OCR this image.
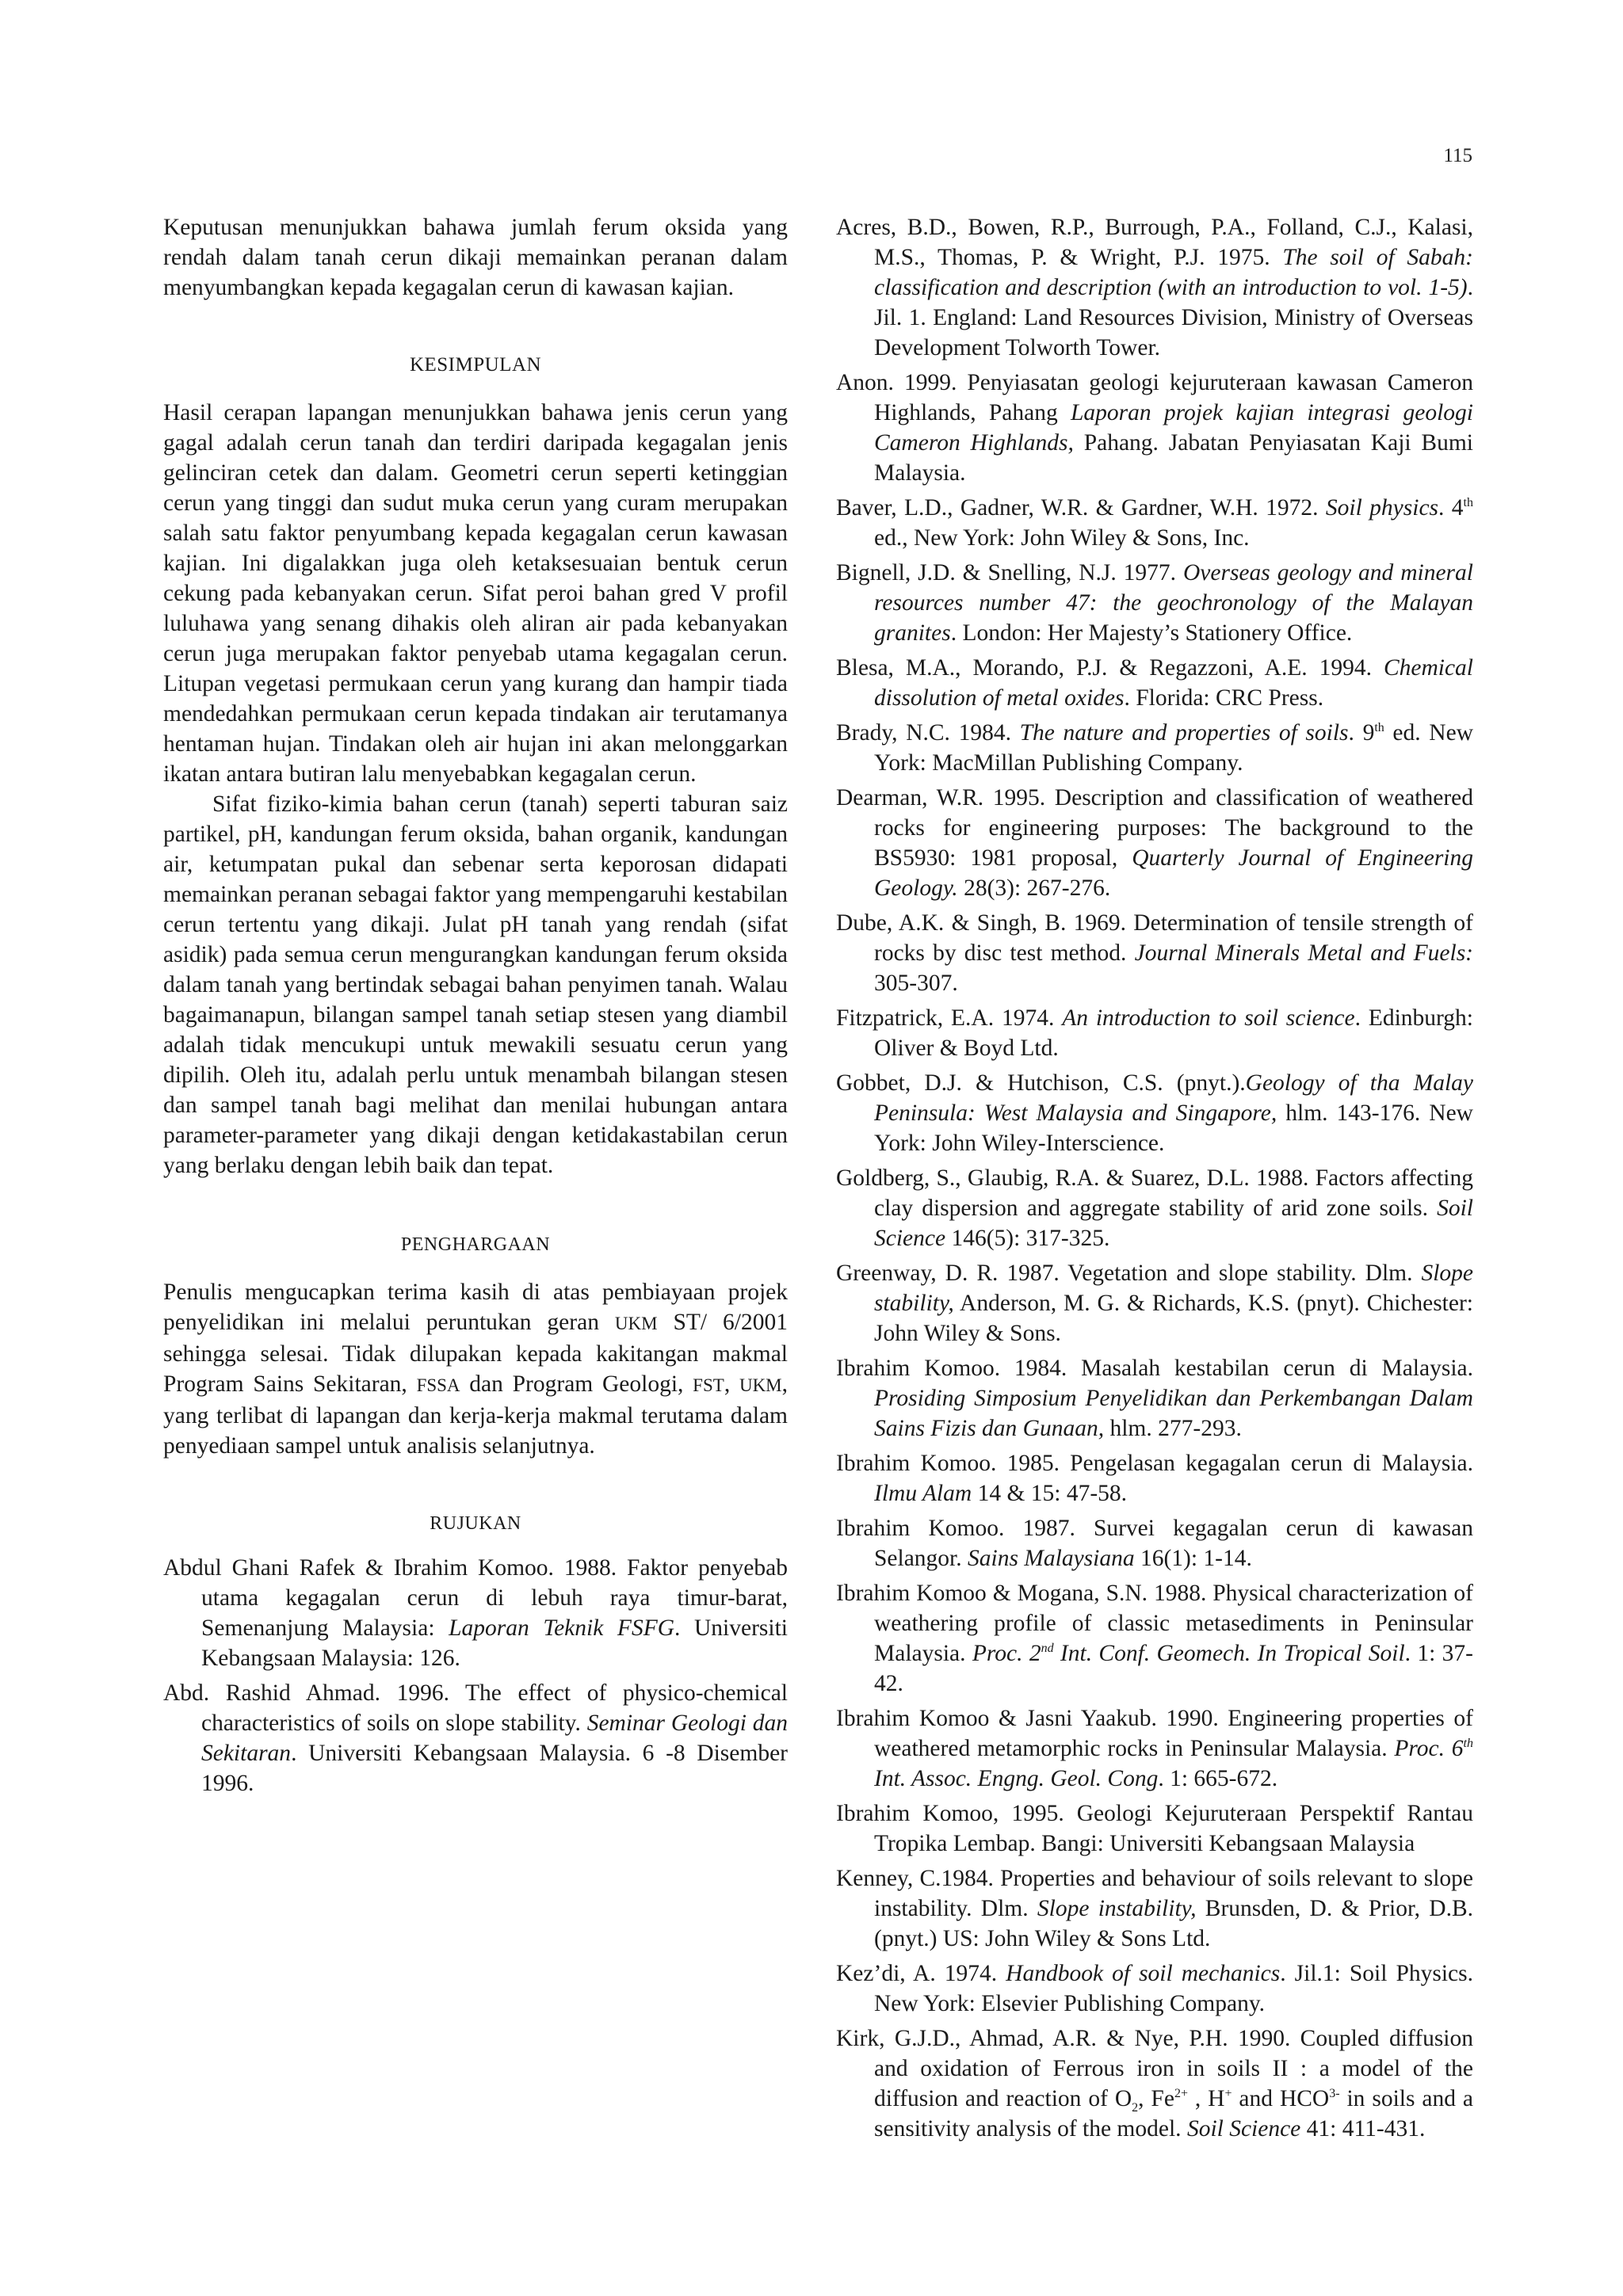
115

Keputusan menunjukkan bahawa jumlah ferum oksida yang rendah dalam tanah cerun dikaji memainkan peranan dalam menyumbangkan kepada kegagalan cerun di kawasan kajian.

KESIMPULAN

Hasil cerapan lapangan menunjukkan bahawa jenis cerun yang gagal adalah cerun tanah dan terdiri daripada kegagalan jenis gelinciran cetek dan dalam. Geometri cerun seperti ketinggian cerun yang tinggi dan sudut muka cerun yang curam merupakan salah satu faktor penyumbang kepada kegagalan cerun kawasan kajian. Ini digalakkan juga oleh ketaksesuaian bentuk cerun cekung pada kebanyakan cerun. Sifat peroi bahan gred V profil luluhawa yang senang dihakis oleh aliran air pada kebanyakan cerun juga merupakan faktor penyebab utama kegagalan cerun. Litupan vegetasi permukaan cerun yang kurang dan hampir tiada mendedahkan permukaan cerun kepada tindakan air terutamanya hentaman hujan. Tindakan oleh air hujan ini akan melonggarkan ikatan antara butiran lalu menyebabkan kegagalan cerun.

Sifat fiziko-kimia bahan cerun (tanah) seperti taburan saiz partikel, pH, kandungan ferum oksida, bahan organik, kandungan air, ketumpatan pukal dan sebenar serta keporosan didapati memainkan peranan sebagai faktor yang mempengaruhi kestabilan cerun tertentu yang dikaji. Julat pH tanah yang rendah (sifat asidik) pada semua cerun mengurangkan kandungan ferum oksida dalam tanah yang bertindak sebagai bahan penyimen tanah. Walau bagaimanapun, bilangan sampel tanah setiap stesen yang diambil adalah tidak mencukupi untuk mewakili sesuatu cerun yang dipilih. Oleh itu, adalah perlu untuk menambah bilangan stesen dan sampel tanah bagi melihat dan menilai hubungan antara parameter-parameter yang dikaji dengan ketidakastabilan cerun yang berlaku dengan lebih baik dan tepat.

PENGHARGAAN

Penulis mengucapkan terima kasih di atas pembiayaan projek penyelidikan ini melalui peruntukan geran UKM ST/ 6/2001 sehingga selesai. Tidak dilupakan kepada kakitangan makmal Program Sains Sekitaran, FSSA dan Program Geologi, FST, UKM, yang terlibat di lapangan dan kerja-kerja makmal terutama dalam penyediaan sampel untuk analisis selanjutnya.

RUJUKAN

Abdul Ghani Rafek & Ibrahim Komoo. 1988. Faktor penyebab utama kegagalan cerun di lebuh raya timur-barat, Semenanjung Malaysia: Laporan Teknik FSFG. Universiti Kebangsaan Malaysia: 126.

Abd. Rashid Ahmad. 1996. The effect of physico-chemical characteristics of soils on slope stability. Seminar Geologi dan Sekitaran. Universiti Kebangsaan Malaysia. 6 -8 Disember 1996.

Acres, B.D., Bowen, R.P., Burrough, P.A., Folland, C.J., Kalasi, M.S., Thomas, P. & Wright, P.J. 1975. The soil of Sabah: classification and description (with an introduction to vol. 1-5). Jil. 1. England: Land Resources Division, Ministry of Overseas Development Tolworth Tower.

Anon. 1999. Penyiasatan geologi kejuruteraan kawasan Cameron Highlands, Pahang Laporan projek kajian integrasi geologi Cameron Highlands, Pahang. Jabatan Penyiasatan Kaji Bumi Malaysia.

Baver, L.D., Gadner, W.R. & Gardner, W.H. 1972. Soil physics. 4th ed., New York: John Wiley & Sons, Inc.

Bignell, J.D. & Snelling, N.J. 1977. Overseas geology and mineral resources number 47: the geochronology of the Malayan granites. London: Her Majesty’s Stationery Office.

Blesa, M.A., Morando, P.J. & Regazzoni, A.E. 1994. Chemical dissolution of metal oxides. Florida: CRC Press.

Brady, N.C. 1984. The nature and properties of soils. 9th ed. New York: MacMillan Publishing Company.

Dearman, W.R. 1995. Description and classification of weathered rocks for engineering purposes: The background to the BS5930: 1981 proposal, Quarterly Journal of Engineering Geology. 28(3): 267-276.

Dube, A.K. & Singh, B. 1969. Determination of tensile strength of rocks by disc test method. Journal Minerals Metal and Fuels: 305-307.

Fitzpatrick, E.A. 1974. An introduction to soil science. Edinburgh: Oliver & Boyd Ltd.

Gobbet, D.J. & Hutchison, C.S. (pnyt.).Geology of tha Malay Peninsula: West Malaysia and Singapore, hlm. 143-176. New York: John Wiley-Interscience.

Goldberg, S., Glaubig, R.A. & Suarez, D.L. 1988. Factors affecting clay dispersion and aggregate stability of arid zone soils. Soil Science 146(5): 317-325.

Greenway, D. R. 1987. Vegetation and slope stability. Dlm. Slope stability, Anderson, M. G. & Richards, K.S. (pnyt). Chichester: John Wiley & Sons.

Ibrahim Komoo. 1984. Masalah kestabilan cerun di Malaysia. Prosiding Simposium Penyelidikan dan Perkembangan Dalam Sains Fizis dan Gunaan, hlm. 277-293.

Ibrahim Komoo. 1985. Pengelasan kegagalan cerun di Malaysia. Ilmu Alam 14 & 15: 47-58.

Ibrahim Komoo. 1987. Survei kegagalan cerun di kawasan Selangor. Sains Malaysiana 16(1): 1-14.

Ibrahim Komoo & Mogana, S.N. 1988. Physical characterization of weathering profile of classic metasediments in Peninsular Malaysia. Proc. 2nd Int. Conf. Geomech. In Tropical Soil. 1: 37-42.

Ibrahim Komoo & Jasni Yaakub. 1990. Engineering properties of weathered metamorphic rocks in Peninsular Malaysia. Proc. 6th Int. Assoc. Engng. Geol. Cong. 1: 665-672.

Ibrahim Komoo, 1995. Geologi Kejuruteraan Perspektif Rantau Tropika Lembap. Bangi: Universiti Kebangsaan Malaysia

Kenney, C.1984. Properties and behaviour of soils relevant to slope instability. Dlm. Slope instability, Brunsden, D. & Prior, D.B. (pnyt.) US: John Wiley & Sons Ltd.

Kez’di, A. 1974. Handbook of soil mechanics. Jil.1: Soil Physics. New York: Elsevier Publishing Company.

Kirk, G.J.D., Ahmad, A.R. & Nye, P.H. 1990. Coupled diffusion and oxidation of Ferrous iron in soils II : a model of the diffusion and reaction of $O_2$, $Fe^{2+}$ , H+ and $HCO^{3-}$ in soils and a sensitivity analysis of the model. Soil Science 41: 411-431.
